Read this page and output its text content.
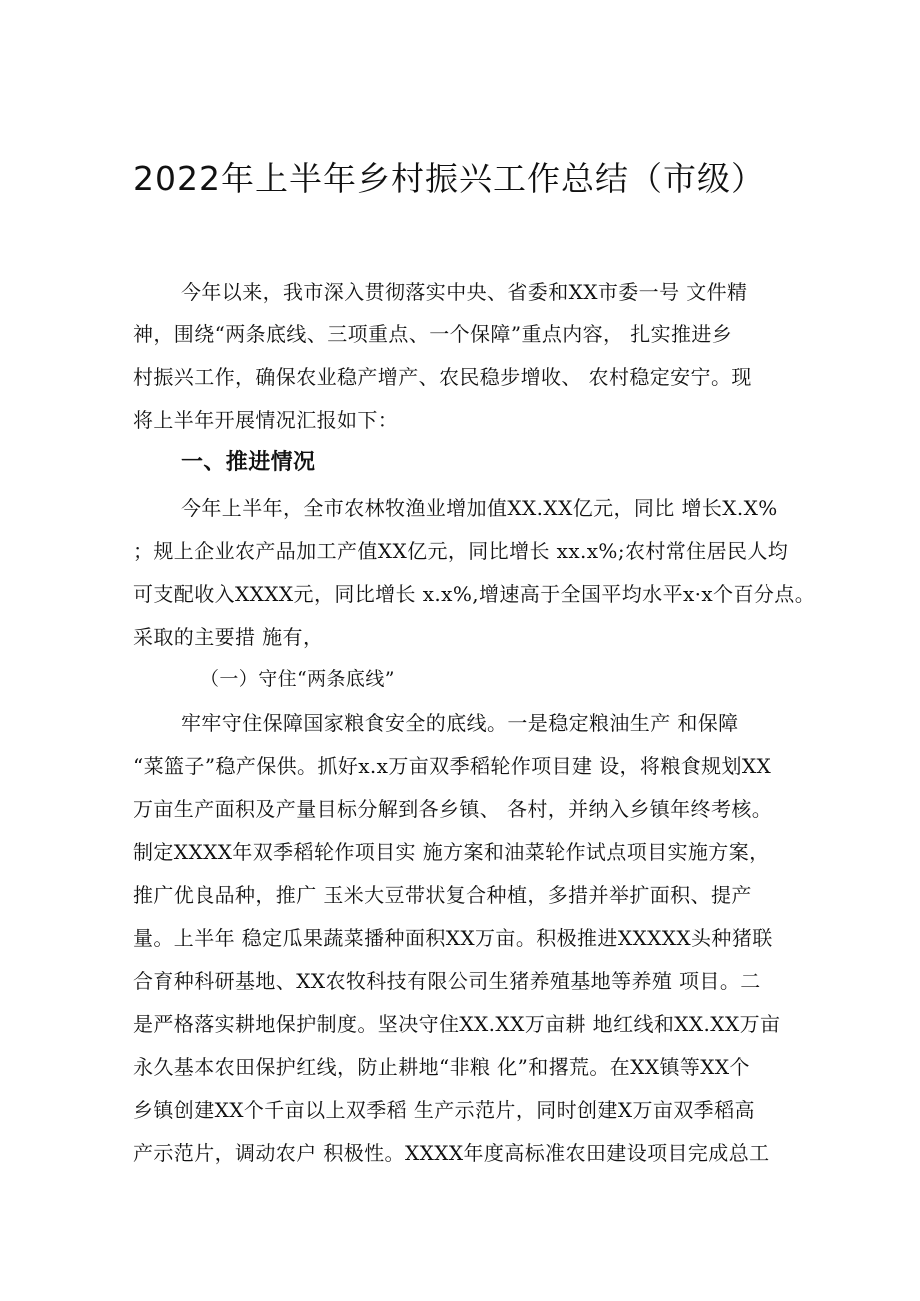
2022年上半年乡村振兴工作总结（市级）
今年以来，我市深入贯彻落实中央、省委和XX市委一号 文件精
神，围绕“两条底线、三项重点、一个保障”重点内容， 扎实推进乡
村振兴工作，确保农业稳产增产、农民稳步增收、 农村稳定安宁。现
将上半年开展情况汇报如下：
一、推进情况
今年上半年，全市农林牧渔业增加值XX.XX亿元，同比 增长X.X%
；规上企业农产品加工产值XX亿元，同比增长 xx.x%;农村常住居民人均
可支配收入XXXX元，同比增长 x.x%,增速高于全国平均水平x·x个百分点。
采取的主要措 施有，
（一）守住“两条底线”
牢牢守住保障国家粮食安全的底线。一是稳定粮油生产 和保障
“菜篮子”稳产保供。抓好x.x万亩双季稻轮作项目建 设，将粮食规划XX
万亩生产面积及产量目标分解到各乡镇、 各村，并纳入乡镇年终考核。
制定XXXX年双季稻轮作项目实 施方案和油菜轮作试点项目实施方案，
推广优良品种，推广 玉米大豆带状复合种植，多措并举扩面积、提产
量。上半年 稳定瓜果蔬菜播种面积XX万亩。积极推进XXXXX头种猪联
合育种科研基地、XX农牧科技有限公司生猪养殖基地等养殖 项目。二
是严格落实耕地保护制度。坚决守住XX.XX万亩耕 地红线和XX.XX万亩
永久基本农田保护红线，防止耕地“非粮 化”和撂荒。在XX镇等XX个
乡镇创建XX个千亩以上双季稻 生产示范片，同时创建X万亩双季稻高
产示范片，调动农户 积极性。XXXX年度高标准农田建设项目完成总工
